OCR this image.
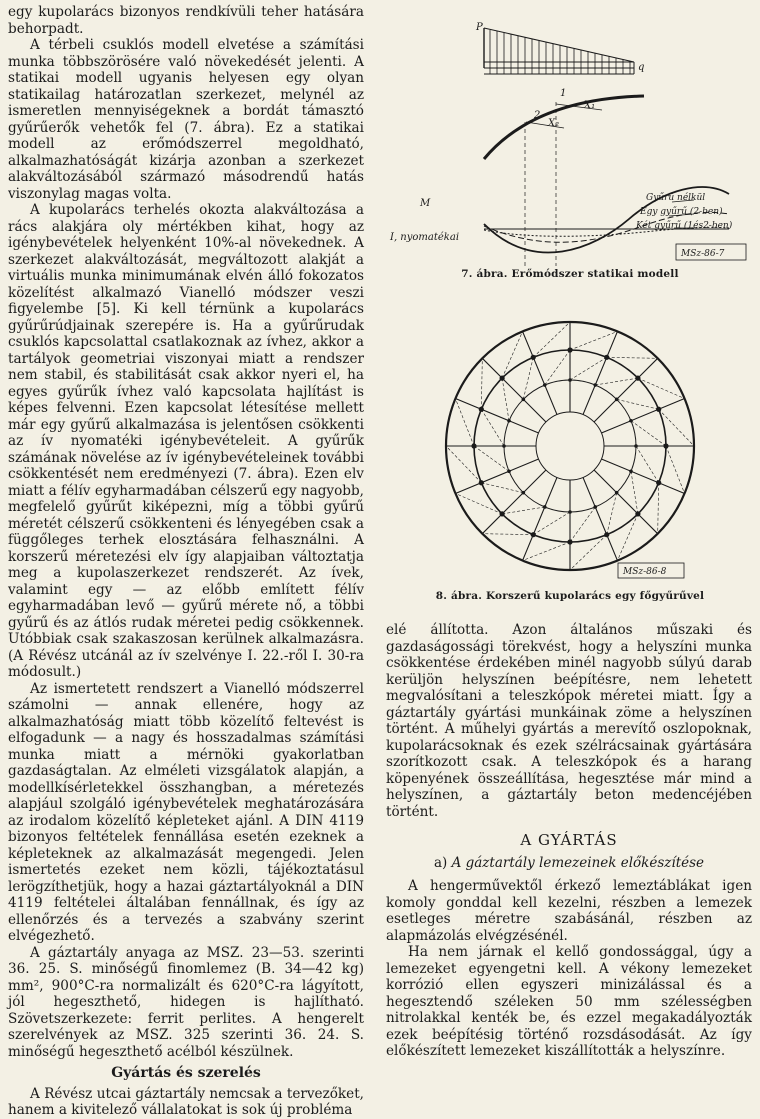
egy kupolarács bizonyos rendkívüli teher hatására behorpadt.

A térbeli csuklós modell elvetése a számítási munka többszörösére való növekedését jelenti. A statikai modell ugyanis helyesen egy olyan statikailag határozatlan szerkezet, melynél az ismeretlen mennyiségeknek a bordát támasztó gyűrűerők vehetők fel (7. ábra). Ez a statikai modell az erőmódszerrel megoldható, alkalmazhatóságát kizárja azonban a szerkezet alakváltozásából származó másodrendű hatás viszonylag magas volta.

A kupolarács terhelés okozta alakváltozása a rács alakjára oly mértékben kihat, hogy az igénybevételek helyenként 10%-al növekednek. A szerkezet alakváltozását, megváltozott alakját a virtuális munka minimumának elvén álló fokozatos közelítést alkalmazó Vianelló módszer veszi figyelembe [5]. Ki kell térnünk a kupolarács gyűrűrúdjainak szerepére is. Ha a gyűrűrudak csuklós kapcsolattal csatlakoznak az ívhez, akkor a tartályok geometriai viszonyai miatt a rendszer nem stabil, és stabilitását csak akkor nyeri el, ha egyes gyűrűk ívhez való kapcsolata hajlítást is képes felvenni. Ezen kapcsolat létesítése mellett már egy gyűrű alkalmazása is jelentősen csökkenti az ív nyomatéki igénybevételeit. A gyűrűk számának növelése az ív igénybevételeinek további csökkentését nem eredményezi (7. ábra). Ezen elv miatt a félív egyharmadában célszerű egy nagyobb, megfelelő gyűrűt kiképezni, míg a többi gyűrű méretét célszerű csökkenteni és lényegében csak a függőleges terhek elosztására felhasználni. A korszerű méretezési elv így alapjaiban változtatja meg a kupolaszerkezet rendszerét. Az ívek, valamint egy — az előbb említett félív egyharmadában levő — gyűrű mérete nő, a többi gyűrű és az átlós rudak méretei pedig csökkennek. Utóbbiak csak szakaszosan kerülnek alkalmazásra. (A Révész utcánál az ív szelvénye I. 22.-ről I. 30-ra módosult.)

Az ismertetett rendszert a Vianelló módszerrel számolni — annak ellenére, hogy az alkalmazhatóság miatt több közelítő feltevést is elfogadunk — a nagy és hosszadalmas számítási munka miatt a mérnöki gyakorlatban gazdaságtalan. Az elméleti vizsgálatok alapján, a modellkísérletekkel összhangban, a méretezés alapjául szolgáló igénybevételek meghatározására az irodalom közelítő képleteket ajánl. A DIN 4119 bizonyos feltételek fennállása esetén ezeknek a képleteknek az alkalmazását megengedi. Jelen ismertetés ezeket nem közli, tájékoztatásul lerögzíthetjük, hogy a hazai gáztartályoknál a DIN 4119 feltételei általában fennállnak, és így az ellenőrzés és a tervezés a szabvány szerint elvégezhető.

A gáztartály anyaga az MSZ. 23—53. szerinti 36. 25. S. minőségű finomlemez (B. 34—42 kg) mm², 900°C-ra normalizált és 620°C-ra lágyított, jól hegeszthető, hidegen is hajlítható. Szövetszerkezete: ferrit perlites. A hengerelt szerelvények az MSZ. 325 szerinti 36. 24. S. minőségű hegeszthető acélból készülnek.

Gyártás és szerelés

A Révész utcai gáztartály nemcsak a tervezőket, hanem a kivitelező vállalatokat is sok új probléma

P
q
1
2
X₁
X₂
M
I, nyomatékai
Gyűrű nélkül
Egy gyűrű (2-ben)
Két gyűrű (1és2-ben)
MSz-86-7
7. ábra. Erőmódszer statikai modell
MSz-86-8
8. ábra. Korszerű kupolarács egy főgyűrűvel

elé állította. Azon általános műszaki és gazdaságossági törekvést, hogy a helyszíni munka csökkentése érdekében minél nagyobb súlyú darab kerüljön helyszínen beépítésre, nem lehetett megvalósítani a teleszkópok méretei miatt. Így a gáztartály gyártási munkáinak zöme a helyszínen történt. A műhelyi gyártás a merevítő oszlopoknak, kupolarácsoknak és ezek szélrácsainak gyártására szorítkozott csak. A teleszkópok és a harang köpenyének összeállítása, hegesztése már mind a helyszínen, a gáztartály beton medencéjében történt.

A GYÁRTÁS
a) A gáztartály lemezeinek előkészítése

A hengerművektől érkező lemeztáblákat igen komoly gonddal kell kezelni, részben a lemezek esetleges méretre szabásánál, részben az alapmázolás elvégzésénél.

Ha nem járnak el kellő gondossággal, úgy a lemezeket egyengetni kell. A vékony lemezeket korrózió ellen egyszeri minizálással és a hegesztendő széleken 50 mm szélességben nitrolakkal kenték be, és ezzel megakadályozták ezek beépítésig történő rozsdásodását. Az így előkészített lemezeket kiszállították a helyszínre.
